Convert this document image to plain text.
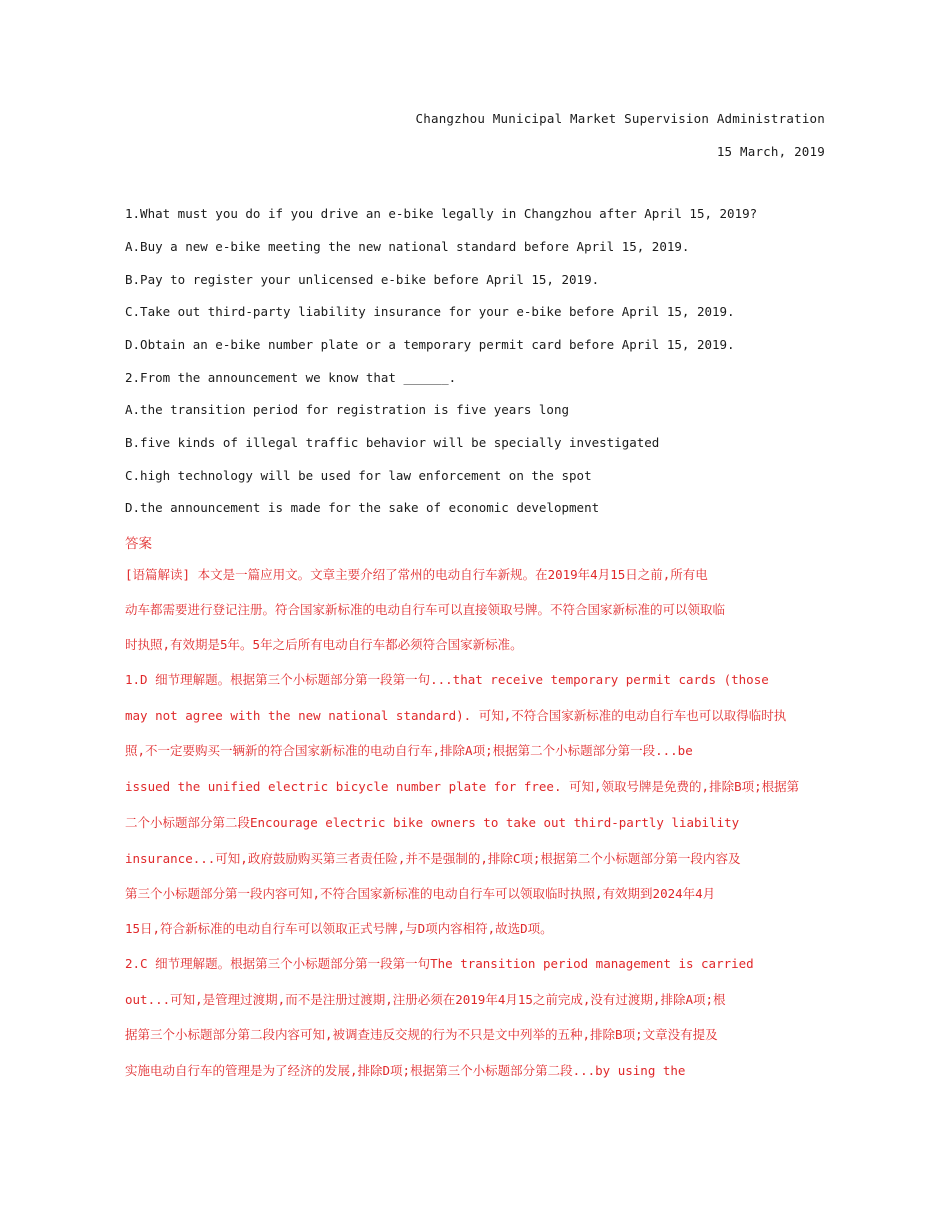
Changzhou Municipal Market Supervision Administration
15 March, 2019
1.What must you do if you drive an e-bike legally in Changzhou after April 15, 2019?
A.Buy a new e-bike meeting the new national standard before April 15, 2019.
B.Pay to register your unlicensed e-bike before April 15, 2019.
C.Take out third-party liability insurance for your e-bike before April 15, 2019.
D.Obtain an e-bike number plate or a temporary permit card before April 15, 2019.
2.From the announcement we know that ______.
A.the transition period for registration is five years long
B.five kinds of illegal traffic behavior will be specially investigated
C.high technology will be used for law enforcement on the spot
D.the announcement is made for the sake of economic development
答案
[语篇解读] 本文是一篇应用文。文章主要介绍了常州的电动自行车新规。在2019年4月15日之前,所有电
动车都需要进行登记注册。符合国家新标准的电动自行车可以直接领取号牌。不符合国家新标准的可以领取临
时执照,有效期是5年。5年之后所有电动自行车都必须符合国家新标准。
1.D 细节理解题。根据第三个小标题部分第一段第一句...that receive temporary permit cards (those
may not agree with the new national standard). 可知,不符合国家新标准的电动自行车也可以取得临时执
照,不一定要购买一辆新的符合国家新标准的电动自行车,排除A项;根据第二个小标题部分第一段...be
issued the unified electric bicycle number plate for free. 可知,领取号牌是免费的,排除B项;根据第
二个小标题部分第二段Encourage electric bike owners to take out third-partly liability
insurance...可知,政府鼓励购买第三者责任险,并不是强制的,排除C项;根据第二个小标题部分第一段内容及
第三个小标题部分第一段内容可知,不符合国家新标准的电动自行车可以领取临时执照,有效期到2024年4月
15日,符合新标准的电动自行车可以领取正式号牌,与D项内容相符,故选D项。
2.C 细节理解题。根据第三个小标题部分第一段第一句The transition period management is carried
out...可知,是管理过渡期,而不是注册过渡期,注册必须在2019年4月15之前完成,没有过渡期,排除A项;根
据第三个小标题部分第二段内容可知,被调查违反交规的行为不只是文中列举的五种,排除B项;文章没有提及
实施电动自行车的管理是为了经济的发展,排除D项;根据第三个小标题部分第二段...by using the
